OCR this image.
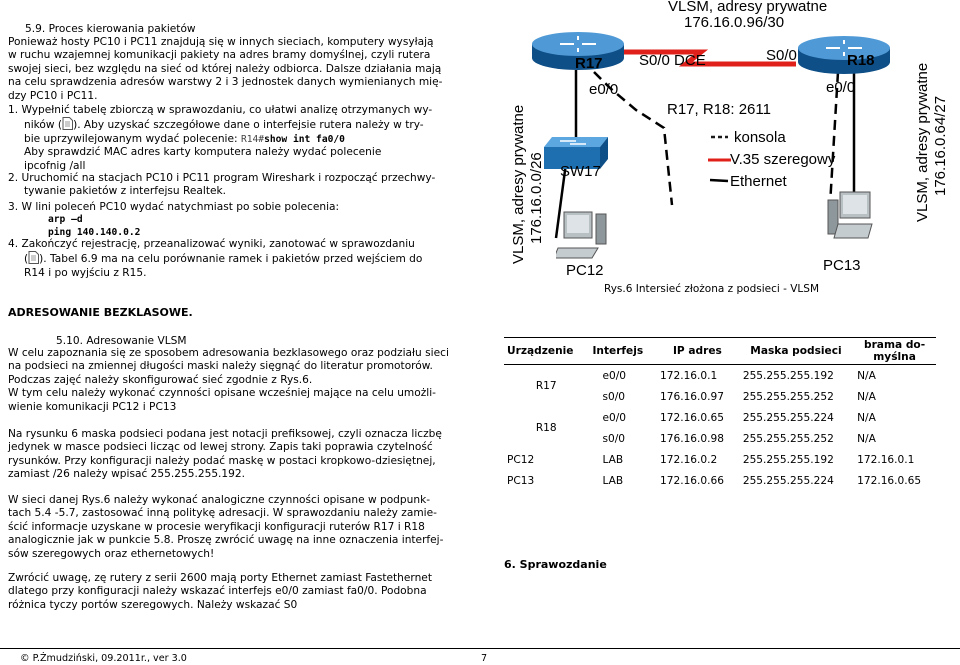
5.9. Proces kierowania pakietów
Ponieważ hosty PC10 i PC11 znajdują się w innych sieciach, komputery wysyłają
w ruchu wzajemnej komunikacji pakiety na adres bramy domyślnej, czyli rutera
swojej sieci, bez względu na sieć od której należy odbiorca. Dalsze działania mają
na celu sprawdzenia adresów warstwy 2 i 3 jednostek danych wymienianych mię-
dzy PC10 i PC11.
1. Wypełnić tabelę zbiorczą w sprawozdaniu, co ułatwi analizę otrzymanych wy-
ników ( ). Aby uzyskać szczegółowe dane o interfejsie rutera należy w try-
bie uprzywilejowanym wydać polecenie: R14#show int fa0/0
Aby sprawdzić MAC adres karty komputera należy wydać polecenie
ipcofnig /all
2. Uruchomić na stacjach PC10 i PC11 program Wireshark i rozpocząć przechwy-
tywanie pakietów z interfejsu Realtek.
3. W lini poleceń PC10 wydać natychmiast po sobie polecenia:
arp –d
ping 140.140.0.2
4. Zakończyć rejestrację, przeanalizować wyniki, zanotować w sprawozdaniu
( ). Tabel 6.9 ma na celu porównanie ramek i pakietów przed wejściem do
R14 i po wyjściu z R15.
ADRESOWANIE BEZKLASOWE.
5.10. Adresowanie VLSM
W celu zapoznania się ze sposobem adresowania bezklasowego oraz podziału sieci
na podsieci na zmiennej długości maski należy sięgnąć do literatur promotorów.
Podczas zajęć należy skonfigurować sieć zgodnie z Rys.6.
W tym celu należy wykonać czynności opisane wcześniej mające na celu umożli-
wienie komunikacji PC12 i PC13
Na rysunku 6 maska podsieci podana jest notacji prefiksowej, czyli oznacza liczbę
jedynek w masce podsieci licząc od lewej strony. Zapis taki poprawia czytelność
rysunków. Przy konfiguracji należy podać maskę w postaci kropkowo-dziesiętnej,
zamiast /26 należy wpisać 255.255.255.192.
W sieci danej Rys.6 należy wykonać analogiczne czynności opisane w podpunk-
tach 5.4 -5.7, zastosować inną politykę adresacji. W sprawozdaniu należy zamie-
ścić informacje uzyskane w procesie weryfikacji konfiguracji ruterów R17 i R18
analogicznie jak w punkcie 5.8. Proszę zwrócić uwagę na inne oznaczenia interfej-
sów szeregowych oraz ethernetowych!
Zwrócić uwagę, zę rutery z serii 2600 mają porty Ethernet zamiast Fastethernet
dlatego przy konfiguracji należy wskazać interfejs e0/0 zamiast fa0/0. Podobna
różnica tyczy portów szeregowych. Należy wskazać S0
© P.Żmudziński, 09.2011r., ver 3.0	7
VLSM, adresy prywatne
176.16.0.96/30
R17	R18
S0/0 DCE	S0/0
e0/0	e0/0
R17, R18: 2611
konsola
V.35 szeregowy
Ethernet
SW17
PC12	PC13
Rys.6 Intersieć złożona z podsieci - VLSM
VLSM, adresy prywatne 176.16.0.0/26	VLSM, adresy prywatne 176.16.0.64/27
Urządzenie	Interfejs	IP adres	Maska podsieci	brama do-
myślna

R17	e0/0	172.16.0.1	255.255.255.192	N/A
	s0/0	176.16.0.97	255.255.255.252	N/A
R18	e0/0	172.16.0.65	255.255.255.224	N/A
	s0/0	176.16.0.98	255.255.255.252	N/A
PC12	LAB	172.16.0.2	255.255.255.192	172.16.0.1
PC13	LAB	172.16.0.66	255.255.255.224	172.16.0.65
6. Sprawozdanie
